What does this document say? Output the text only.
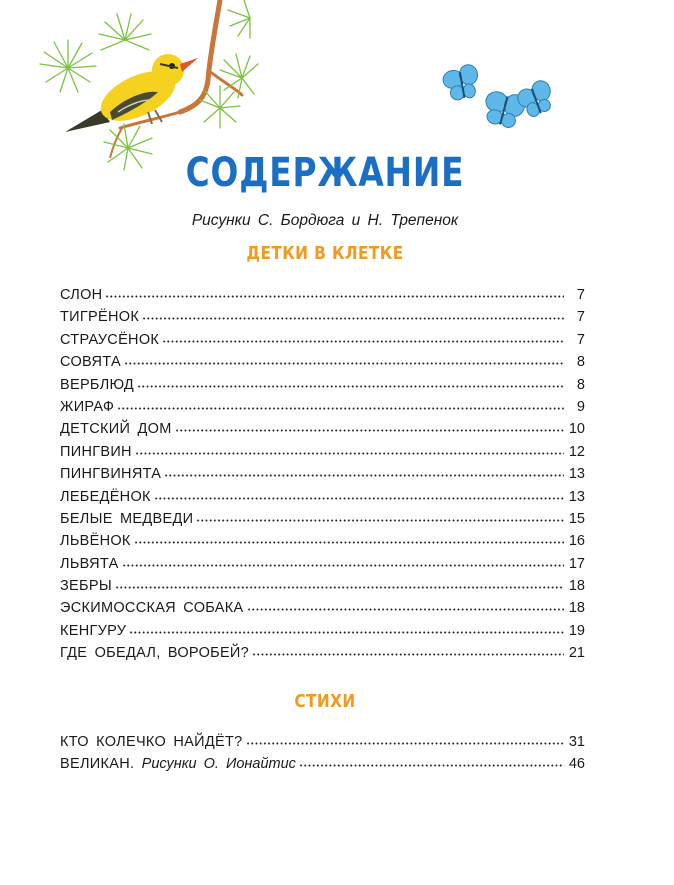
СОДЕРЖАНИЕ
Рисунки С. Бордюга и Н. Трепенок
ДЕТКИ В КЛЕТКЕ
СЛОН	7
ТИГРЁНОК	7
СТРАУСЁНОК	7
СОВЯТА	8
ВЕРБЛЮД	8
ЖИРАФ	9
ДЕТСКИЙ ДОМ	10
ПИНГВИН	12
ПИНГВИНЯТА	13
ЛЕБЕДЁНОК	13
БЕЛЫЕ МЕДВЕДИ	15
ЛЬВЁНОК	16
ЛЬВЯТА	17
ЗЕБРЫ	18
ЭСКИМОССКАЯ СОБАКА	18
КЕНГУРУ	19
ГДЕ ОБЕДАЛ, ВОРОБЕЙ?	21
СТИХИ
КТО КОЛЕЧКО НАЙДЁТ?	31
ВЕЛИКАН. Рисунки О. Ионайтис	46
